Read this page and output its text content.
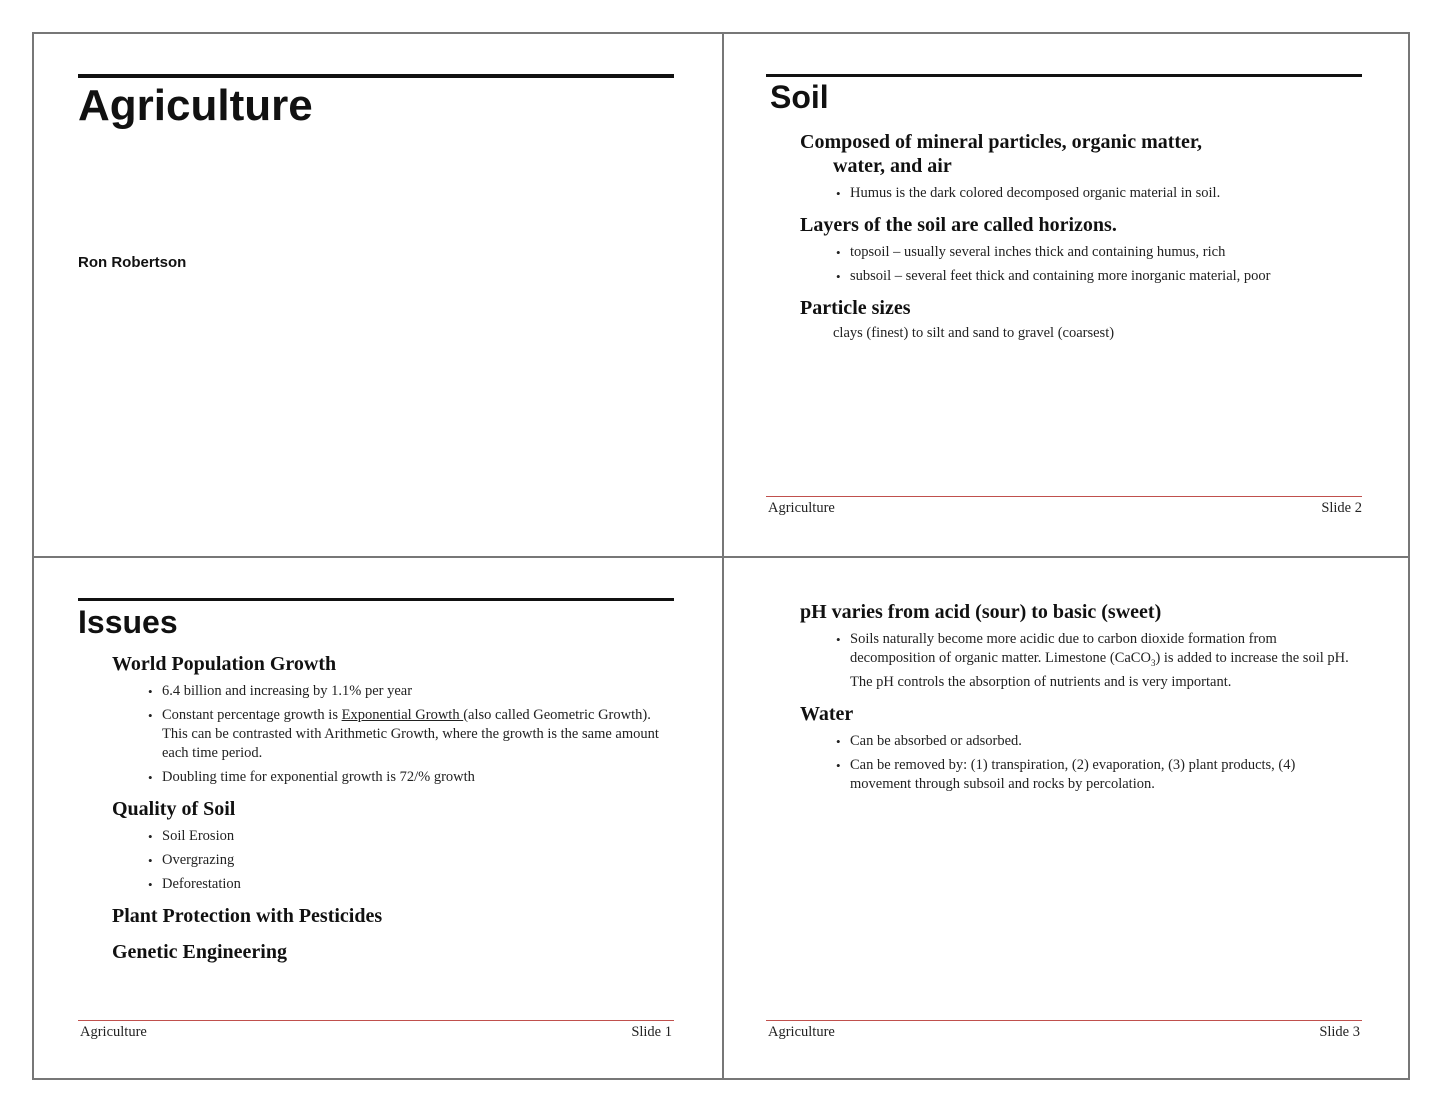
Agriculture
Ron Robertson
Soil

Composed of mineral particles, organic matter,
water, and air

• Humus is the dark colored decomposed organic material in soil.

Layers of the soil are called horizons.

• topsoil – usually several inches thick and containing humus, rich
• subsoil – several feet thick and containing more inorganic material, poor

Particle sizes

clays (finest) to silt and sand to gravel (coarsest)

Agriculture	Slide 2
Issues

World Population Growth

• 6.4 billion and increasing by 1.1% per year
• Constant percentage growth is Exponential Growth (also called Geometric Growth). This can be contrasted with Arithmetic Growth, where the growth is the same amount each time period.
• Doubling time for exponential growth is 72/% growth

Quality of Soil

• Soil Erosion
• Overgrazing
• Deforestation

Plant Protection with Pesticides

Genetic Engineering

Agriculture	Slide 1

pH varies from acid (sour) to basic (sweet)

• Soils naturally become more acidic due to carbon dioxide formation from decomposition of organic matter. Limestone (CaCO$_3$) is added to increase the soil pH. The pH controls the absorption of nutrients and is very important.

Water

• Can be absorbed or adsorbed.
• Can be removed by: (1) transpiration, (2) evaporation, (3) plant products, (4) movement through subsoil and rocks by percolation.
Agriculture	Slide 3
